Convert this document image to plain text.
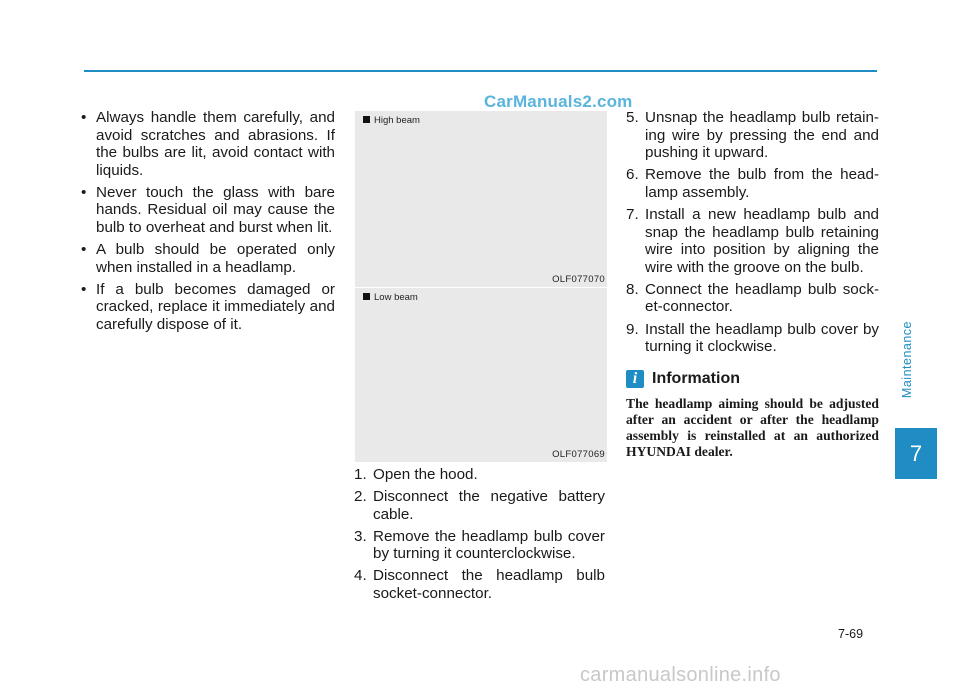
CarManuals2.com
• Always handle them carefully, and avoid scratches and abrasions. If the bulbs are lit, avoid contact with liquids.
• Never touch the glass with bare hands. Residual oil may cause the bulb to overheat and burst when lit.
• A bulb should be operated only when installed in a headlamp.
• If a bulb becomes damaged or cracked, replace it immediately and carefully dispose of it.
High beam
OLF077070
Low beam
OLF077069
1. Open the hood.
2. Disconnect the negative battery cable.
3. Remove the headlamp bulb cover by turning it counterclockwise.
4. Disconnect the headlamp bulb socket-connector.
5. Unsnap the headlamp bulb retain-ing wire by pressing the end and pushing it upward.
6. Remove the bulb from the head-lamp assembly.
7. Install a new headlamp bulb and snap the headlamp bulb retaining wire into position by aligning the wire with the groove on the bulb.
8. Connect the headlamp bulb sock-et-connector.
9. Install the headlamp bulb cover by turning it clockwise.
i Information

The headlamp aiming should be adjusted after an accident or after the headlamp assembly is reinstalled at an authorized HYUNDAI dealer.

Maintenance
7
7-69
carmanualsonline.info
